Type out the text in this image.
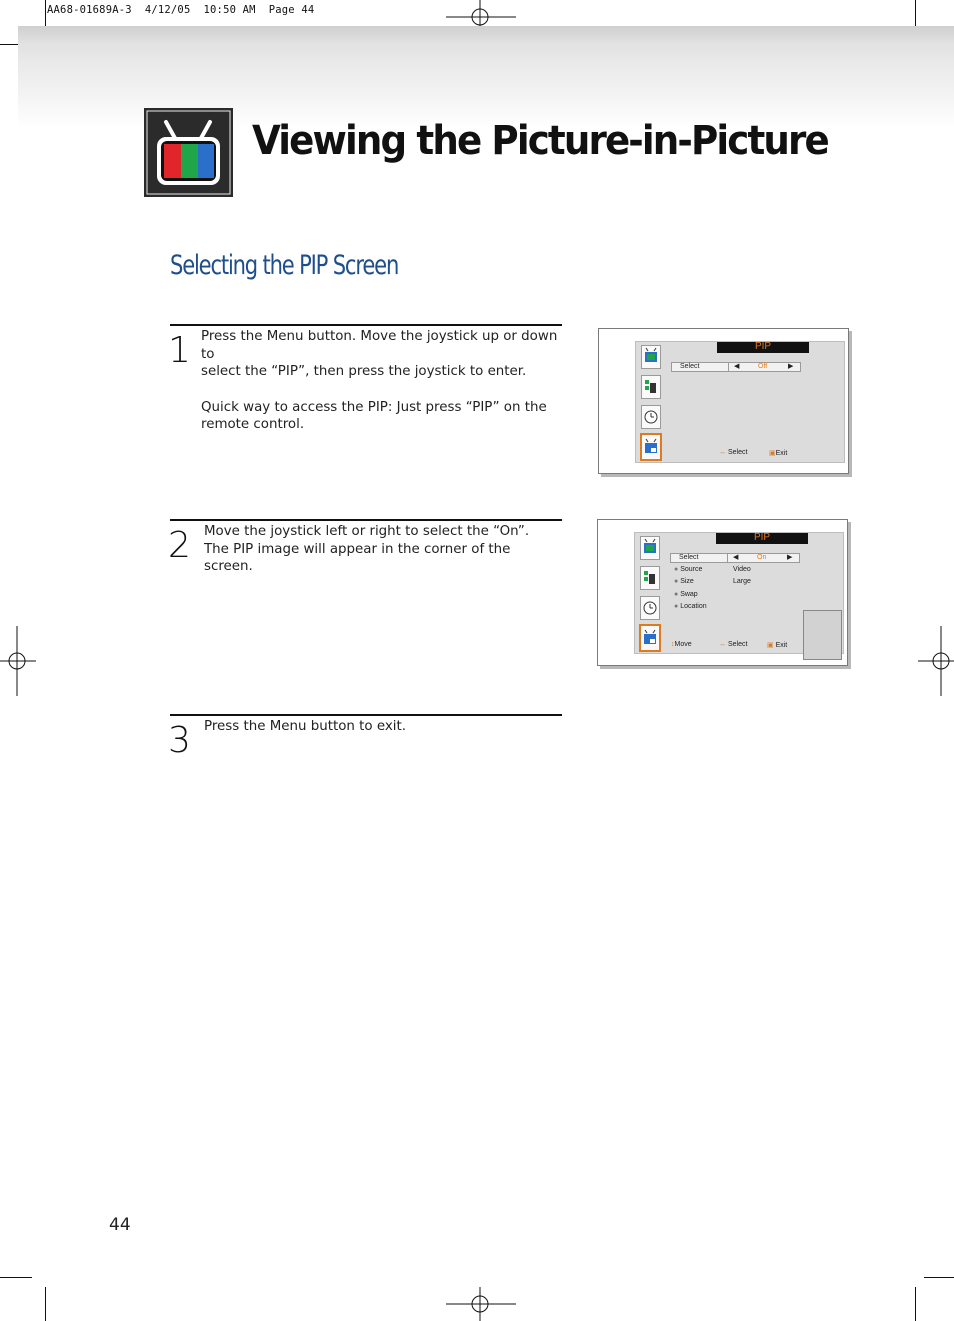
AA68-01689A-3  4/12/05  10:50 AM  Page 44
Viewing the Picture-in-Picture
Selecting the PIP Screen
1 Press the Menu button. Move the joystick up or down to
select the “PIP”, then press the joystick to enter.
Quick way to access the PIP: Just press “PIP” on the
remote control.
2 Move the joystick left or right to select the “On”.
The PIP image will appear in the corner of the screen.
3 Press the Menu button to exit.
PIP
Select	◀	Off	▶
↔ Select	▣Exit
PIP
Select	◀	On	▶
● Source	Video
● Size	Large
● Swap
● Location
↕Move	↔ Select	▣ Exit
44
